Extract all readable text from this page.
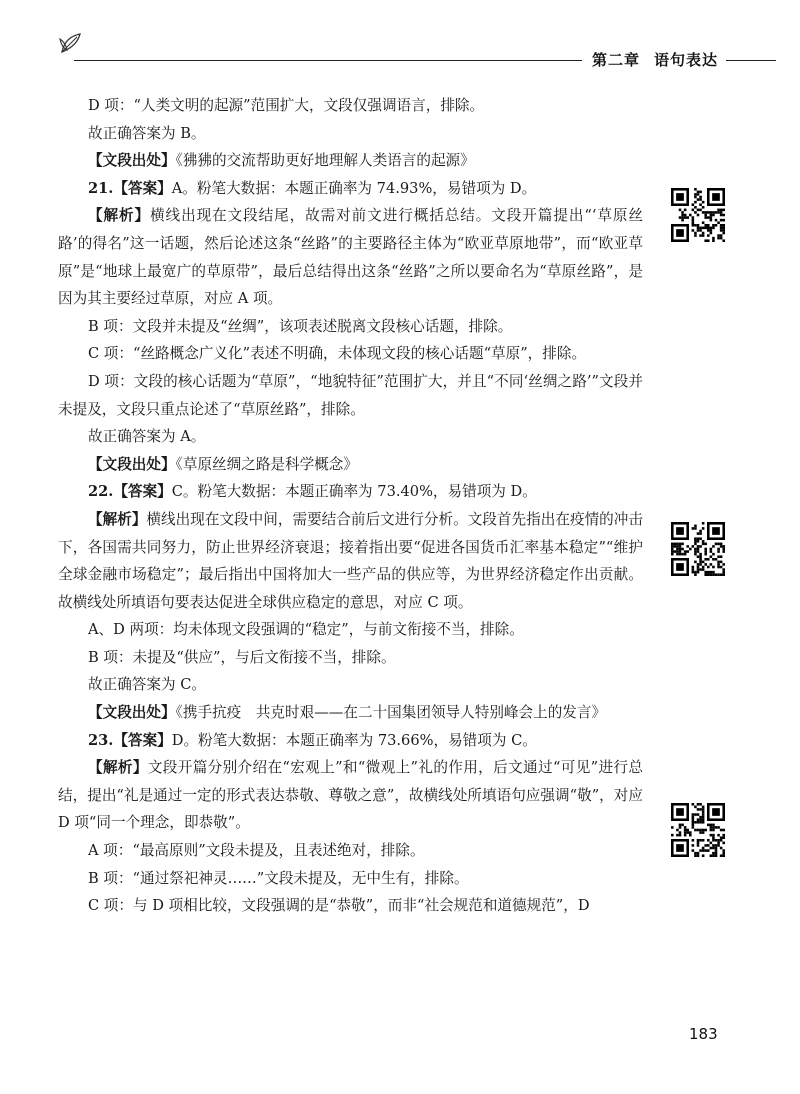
第二章 语句表达

D 项：“人类文明的起源”范围扩大，文段仅强调语言，排除。

故正确答案为 B。

【文段出处】《狒狒的交流帮助更好地理解人类语言的起源》

21.【答案】A。粉笔大数据：本题正确率为 74.93%，易错项为 D。

【解析】横线出现在文段结尾，故需对前文进行概括总结。文段开篇提出“‘草原丝路’的得名”这一话题，然后论述这条“丝路”的主要路径主体为“欧亚草原地带”，而“欧亚草原”是“地球上最宽广的草原带”，最后总结得出这条“丝路”之所以要命名为“草原丝路”，是因为其主要经过草原，对应 A 项。

B 项：文段并未提及“丝绸”，该项表述脱离文段核心话题，排除。

C 项：“丝路概念广义化”表述不明确，未体现文段的核心话题“草原”，排除。

D 项：文段的核心话题为“草原”，“地貌特征”范围扩大，并且“不同‘丝绸之路’”文段并未提及，文段只重点论述了“草原丝路”，排除。

故正确答案为 A。

【文段出处】《草原丝绸之路是科学概念》

22.【答案】C。粉笔大数据：本题正确率为 73.40%，易错项为 D。

【解析】横线出现在文段中间，需要结合前后文进行分析。文段首先指出在疫情的冲击下，各国需共同努力，防止世界经济衰退；接着指出要“促进各国货币汇率基本稳定”“维护全球金融市场稳定”；最后指出中国将加大一些产品的供应等，为世界经济稳定作出贡献。故横线处所填语句要表达促进全球供应稳定的意思，对应 C 项。

A、D 两项：均未体现文段强调的“稳定”，与前文衔接不当，排除。

B 项：未提及“供应”，与后文衔接不当，排除。

故正确答案为 C。

【文段出处】《携手抗疫　共克时艰——在二十国集团领导人特别峰会上的发言》

23.【答案】D。粉笔大数据：本题正确率为 73.66%，易错项为 C。

【解析】文段开篇分别介绍在“宏观上”和“微观上”礼的作用，后文通过“可见”进行总结，提出“礼是通过一定的形式表达恭敬、尊敬之意”，故横线处所填语句应强调“敬”，对应 D 项“同一个理念，即恭敬”。

A 项：“最高原则”文段未提及，且表述绝对，排除。

B 项：“通过祭祀神灵……”文段未提及，无中生有，排除。

C 项：与 D 项相比较，文段强调的是“恭敬”，而非“社会规范和道德规范”，D

183
